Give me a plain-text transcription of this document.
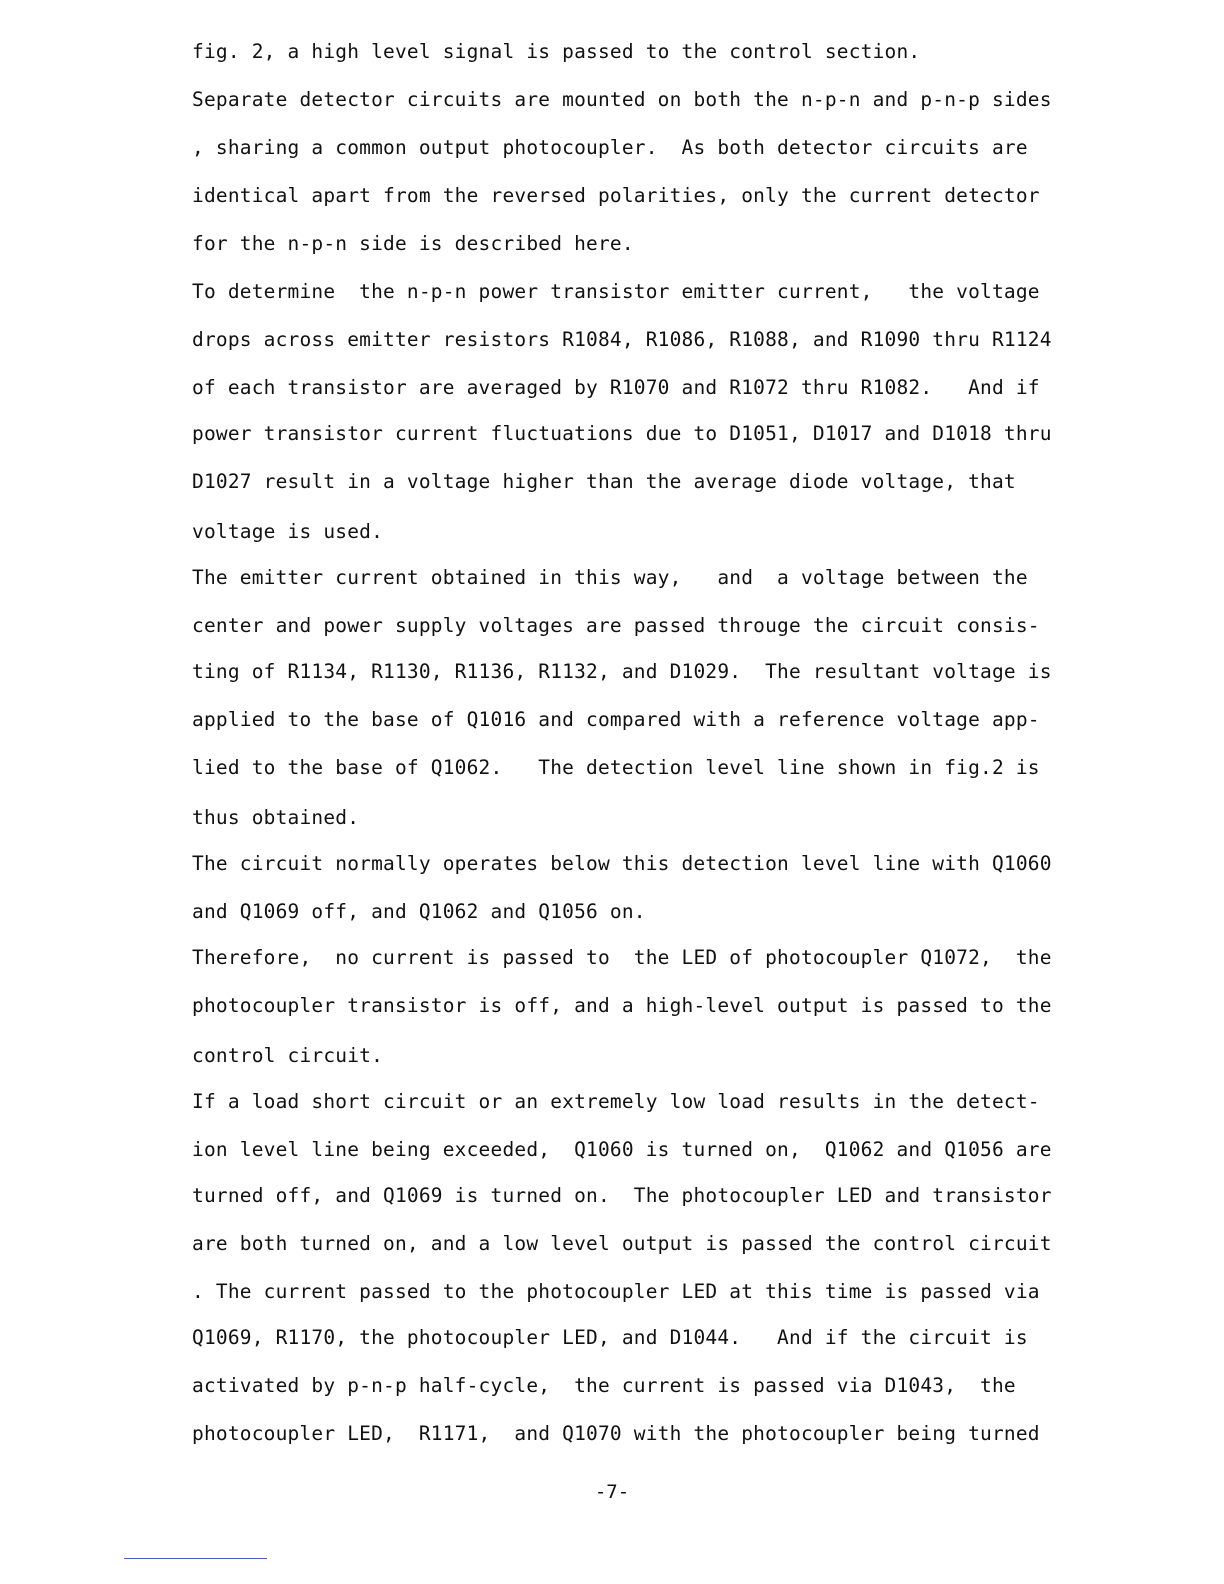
fig. 2, a high level signal is passed to the control section.
Separate detector circuits are mounted on both the n-p-n and p-n-p sides
, sharing a common output photocoupler.  As both detector circuits are
identical apart from the reversed polarities, only the current detector
for the n-p-n side is described here.
To determine  the n-p-n power transistor emitter current,   the voltage
drops across emitter resistors R1084, R1086, R1088, and R1090 thru R1124
of each transistor are averaged by R1070 and R1072 thru R1082.   And if
power transistor current fluctuations due to D1051, D1017 and D1018 thru
D1027 result in a voltage higher than the average diode voltage, that
voltage is used.
The emitter current obtained in this way,   and  a voltage between the
center and power supply voltages are passed througe the circuit consis-
ting of R1134, R1130, R1136, R1132, and D1029.  The resultant voltage is
applied to the base of Q1016 and compared with a reference voltage app-
lied to the base of Q1062.   The detection level line shown in fig.2 is
thus obtained.
The circuit normally operates below this detection level line with Q1060
and Q1069 off, and Q1062 and Q1056 on.
Therefore,  no current is passed to  the LED of photocoupler Q1072,  the
photocoupler transistor is off, and a high-level output is passed to the
control circuit.
If a load short circuit or an extremely low load results in the detect-
ion level line being exceeded,  Q1060 is turned on,  Q1062 and Q1056 are
turned off, and Q1069 is turned on.  The photocoupler LED and transistor
are both turned on, and a low level output is passed the control circuit
. The current passed to the photocoupler LED at this time is passed via
Q1069, R1170, the photocoupler LED, and D1044.   And if the circuit is
activated by p-n-p half-cycle,  the current is passed via D1043,  the
photocoupler LED,  R1171,  and Q1070 with the photocoupler being turned
-7-
